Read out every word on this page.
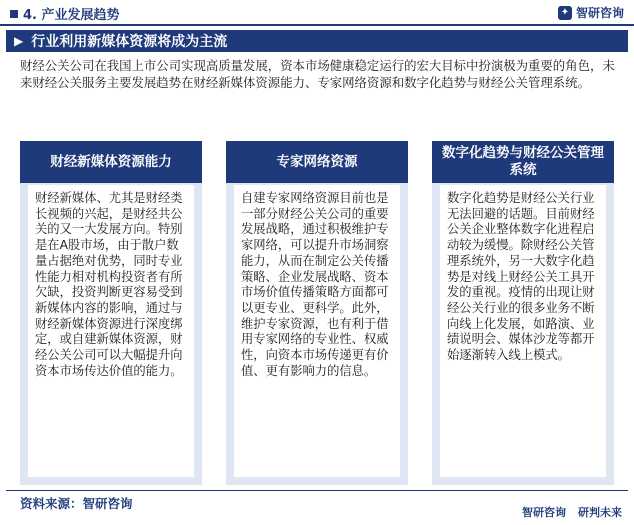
4. 产业发展趋势	✦ 智研咨询
▶ 行业利用新媒体资源将成为主流
财经公关公司在我国上市公司实现高质量发展，资本市场健康稳定运行的宏大目标中扮演极为重要的角色，未来财经公关服务主要发展趋势在财经新媒体资源能力、专家网络资源和数字化趋势与财经公关管理系统。
财经新媒体资源能力
财经新媒体、尤其是财经类长视频的兴起，是财经共公关的又一大发展方向。特别是在A股市场，由于散户数量占据绝对优势，同时专业性能力相对机构投资者有所欠缺，投资判断更容易受到新媒体内容的影响，通过与财经新媒体资源进行深度绑定，或自建新媒体资源，财经公关公司可以大幅提升向资本市场传达价值的能力。
专家网络资源
自建专家网络资源目前也是一部分财经公关公司的重要发展战略，通过积极维护专家网络，可以提升市场洞察能力，从而在制定公关传播策略、企业发展战略、资本市场价值传播策略方面都可以更专业、更科学。此外，维护专家资源，也有利于借用专家网络的专业性、权威性，向资本市场传递更有价值、更有影响力的信息。
数字化趋势与财经公关管理系统
数字化趋势是财经公关行业无法回避的话题。目前财经公关企业整体数字化进程启动较为缓慢。除财经公关管理系统外，另一大数字化趋势是对线上财经公关工具开发的重视。疫情的出现让财经公关行业的很多业务不断向线上化发展，如路演、业绩说明会、媒体沙龙等都开始逐渐转入线上模式。
资料来源：智研咨询
智研咨询 研判未来
